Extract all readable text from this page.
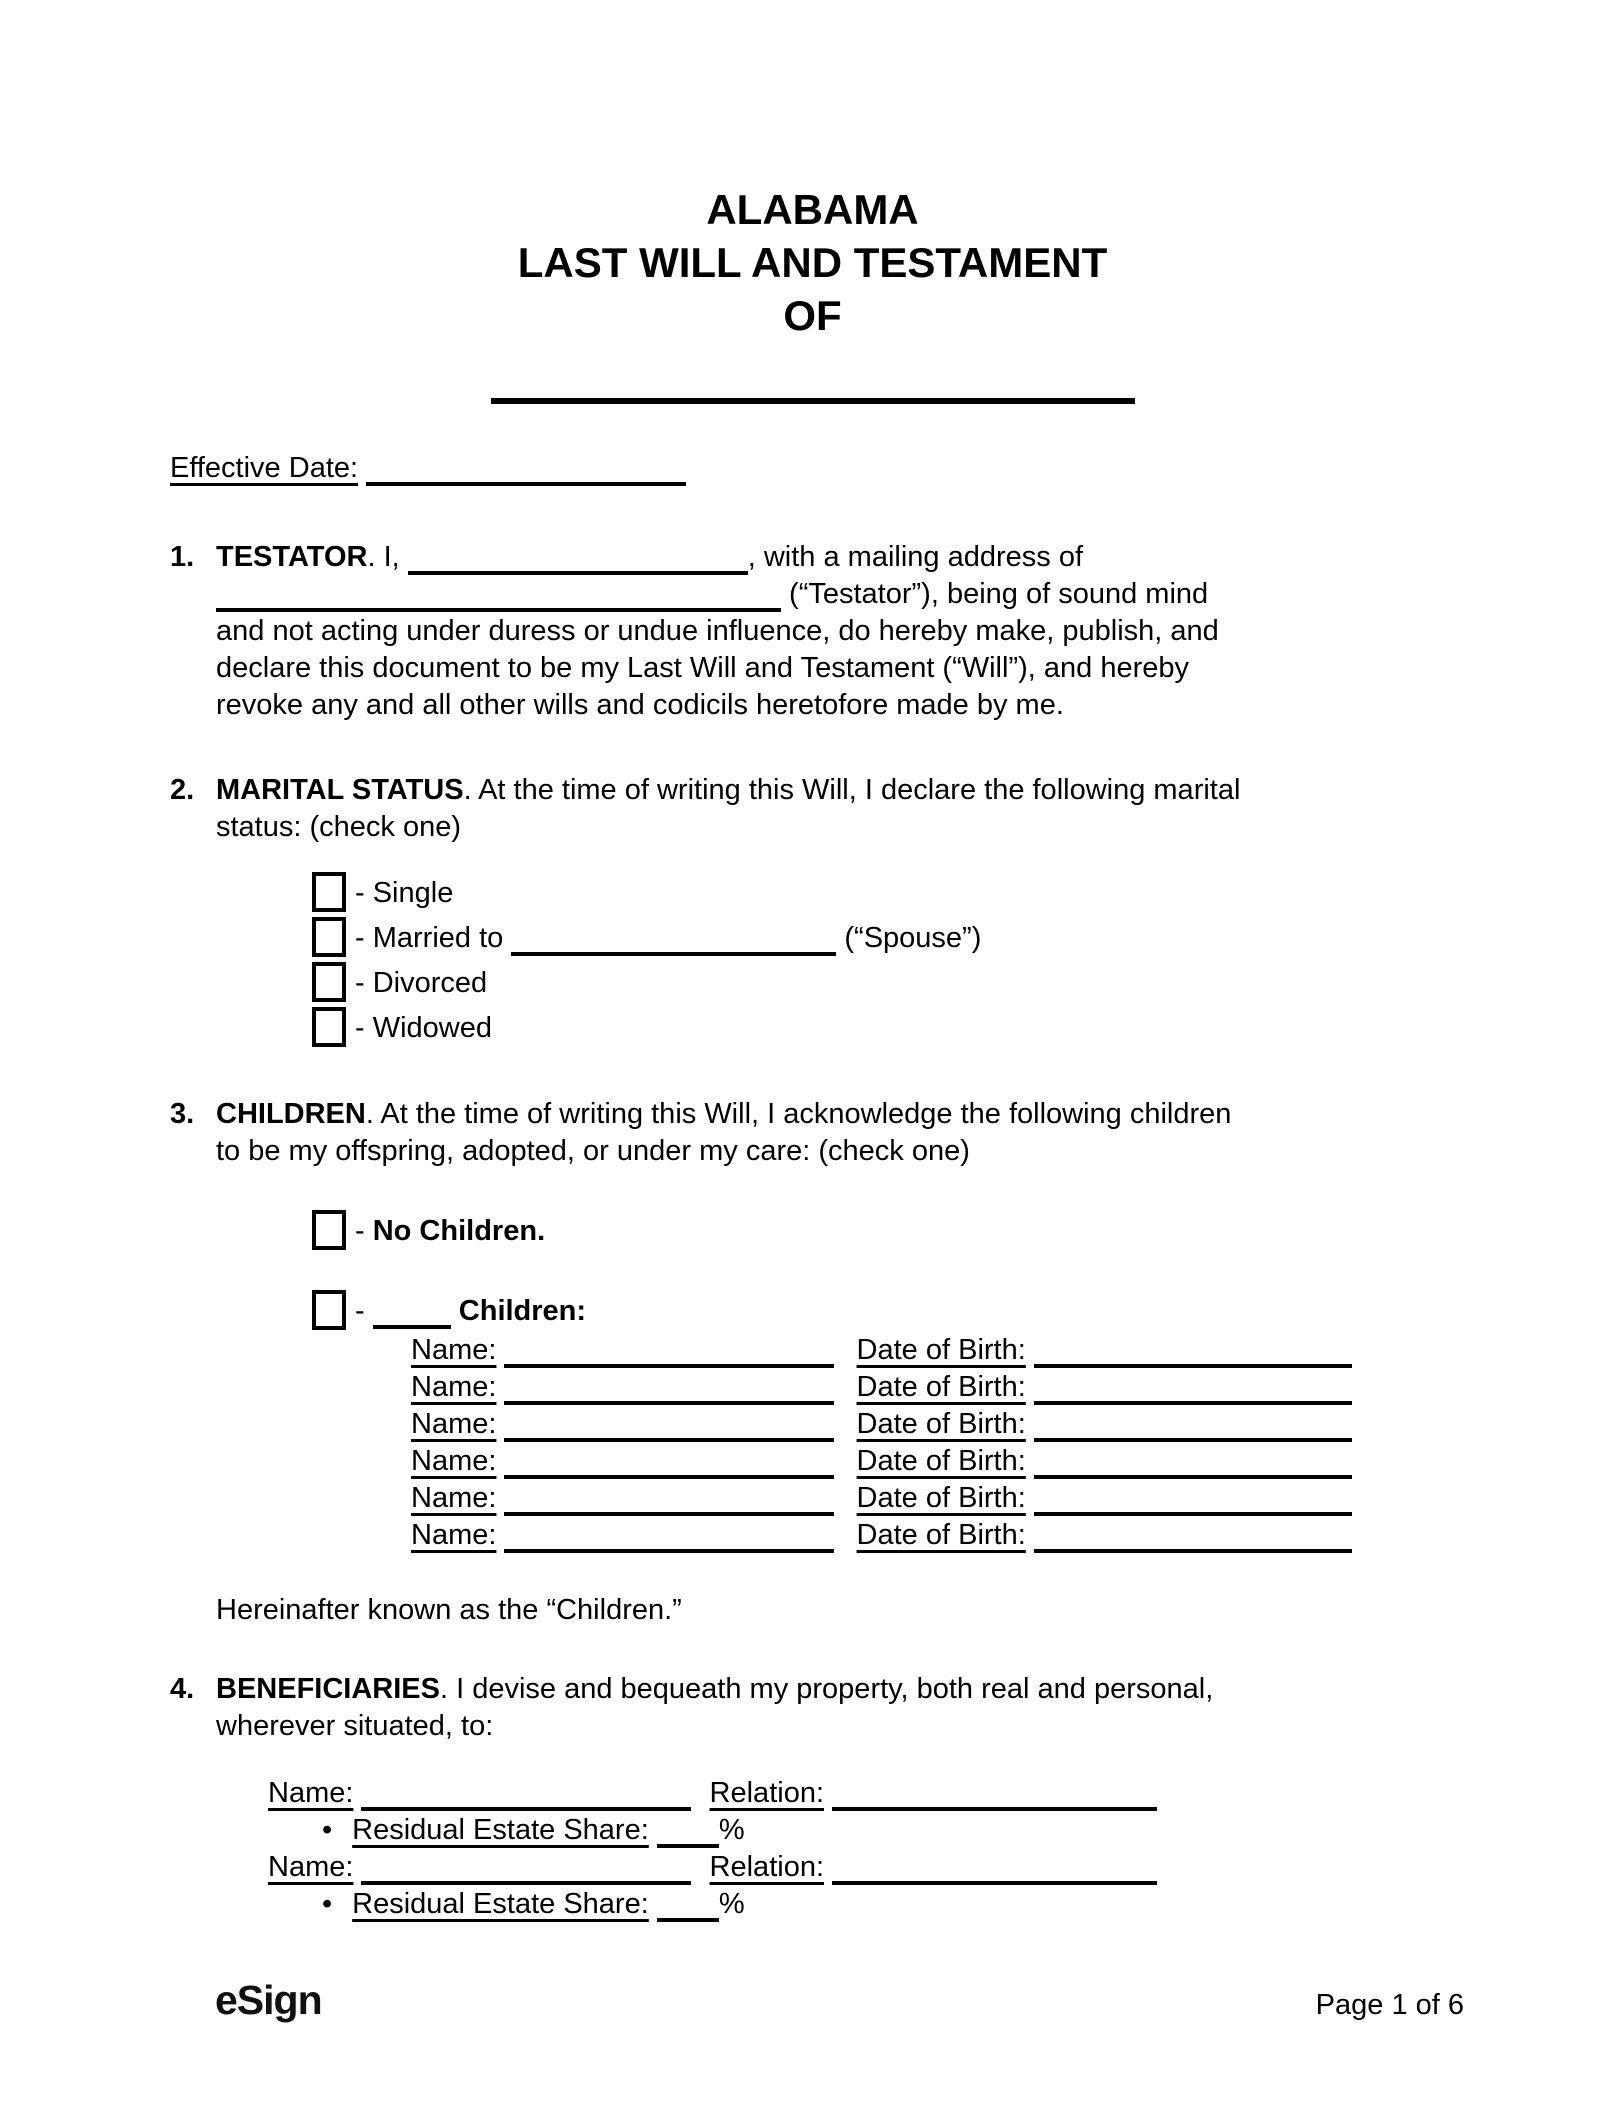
ALABAMA
LAST WILL AND TESTAMENT
OF
Effective Date:
1. TESTATOR. I,	, with a mailing address of
(“Testator”), being of sound mind
and not acting under duress or undue influence, do hereby make, publish, and
declare this document to be my Last Will and Testament (“Will”), and hereby
revoke any and all other wills and codicils heretofore made by me.
2. MARITAL STATUS. At the time of writing this Will, I declare the following marital
status: (check one)
- Single
- Married to	(“Spouse”)
- Divorced
- Widowed
3. CHILDREN. At the time of writing this Will, I acknowledge the following children
to be my offspring, adopted, or under my care: (check one)
- No Children.
-	Children:
Name:	Date of Birth:
Name:	Date of Birth:
Name:	Date of Birth:
Name:	Date of Birth:
Name:	Date of Birth:
Name:	Date of Birth:
Hereinafter known as the “Children.”
4. BENEFICIARIES. I devise and bequeath my property, both real and personal,
wherever situated, to:
Name:	Relation:
• Residual Estate Share: %
Name:	Relation:
• Residual Estate Share: %
eSign	Page 1 of 6
